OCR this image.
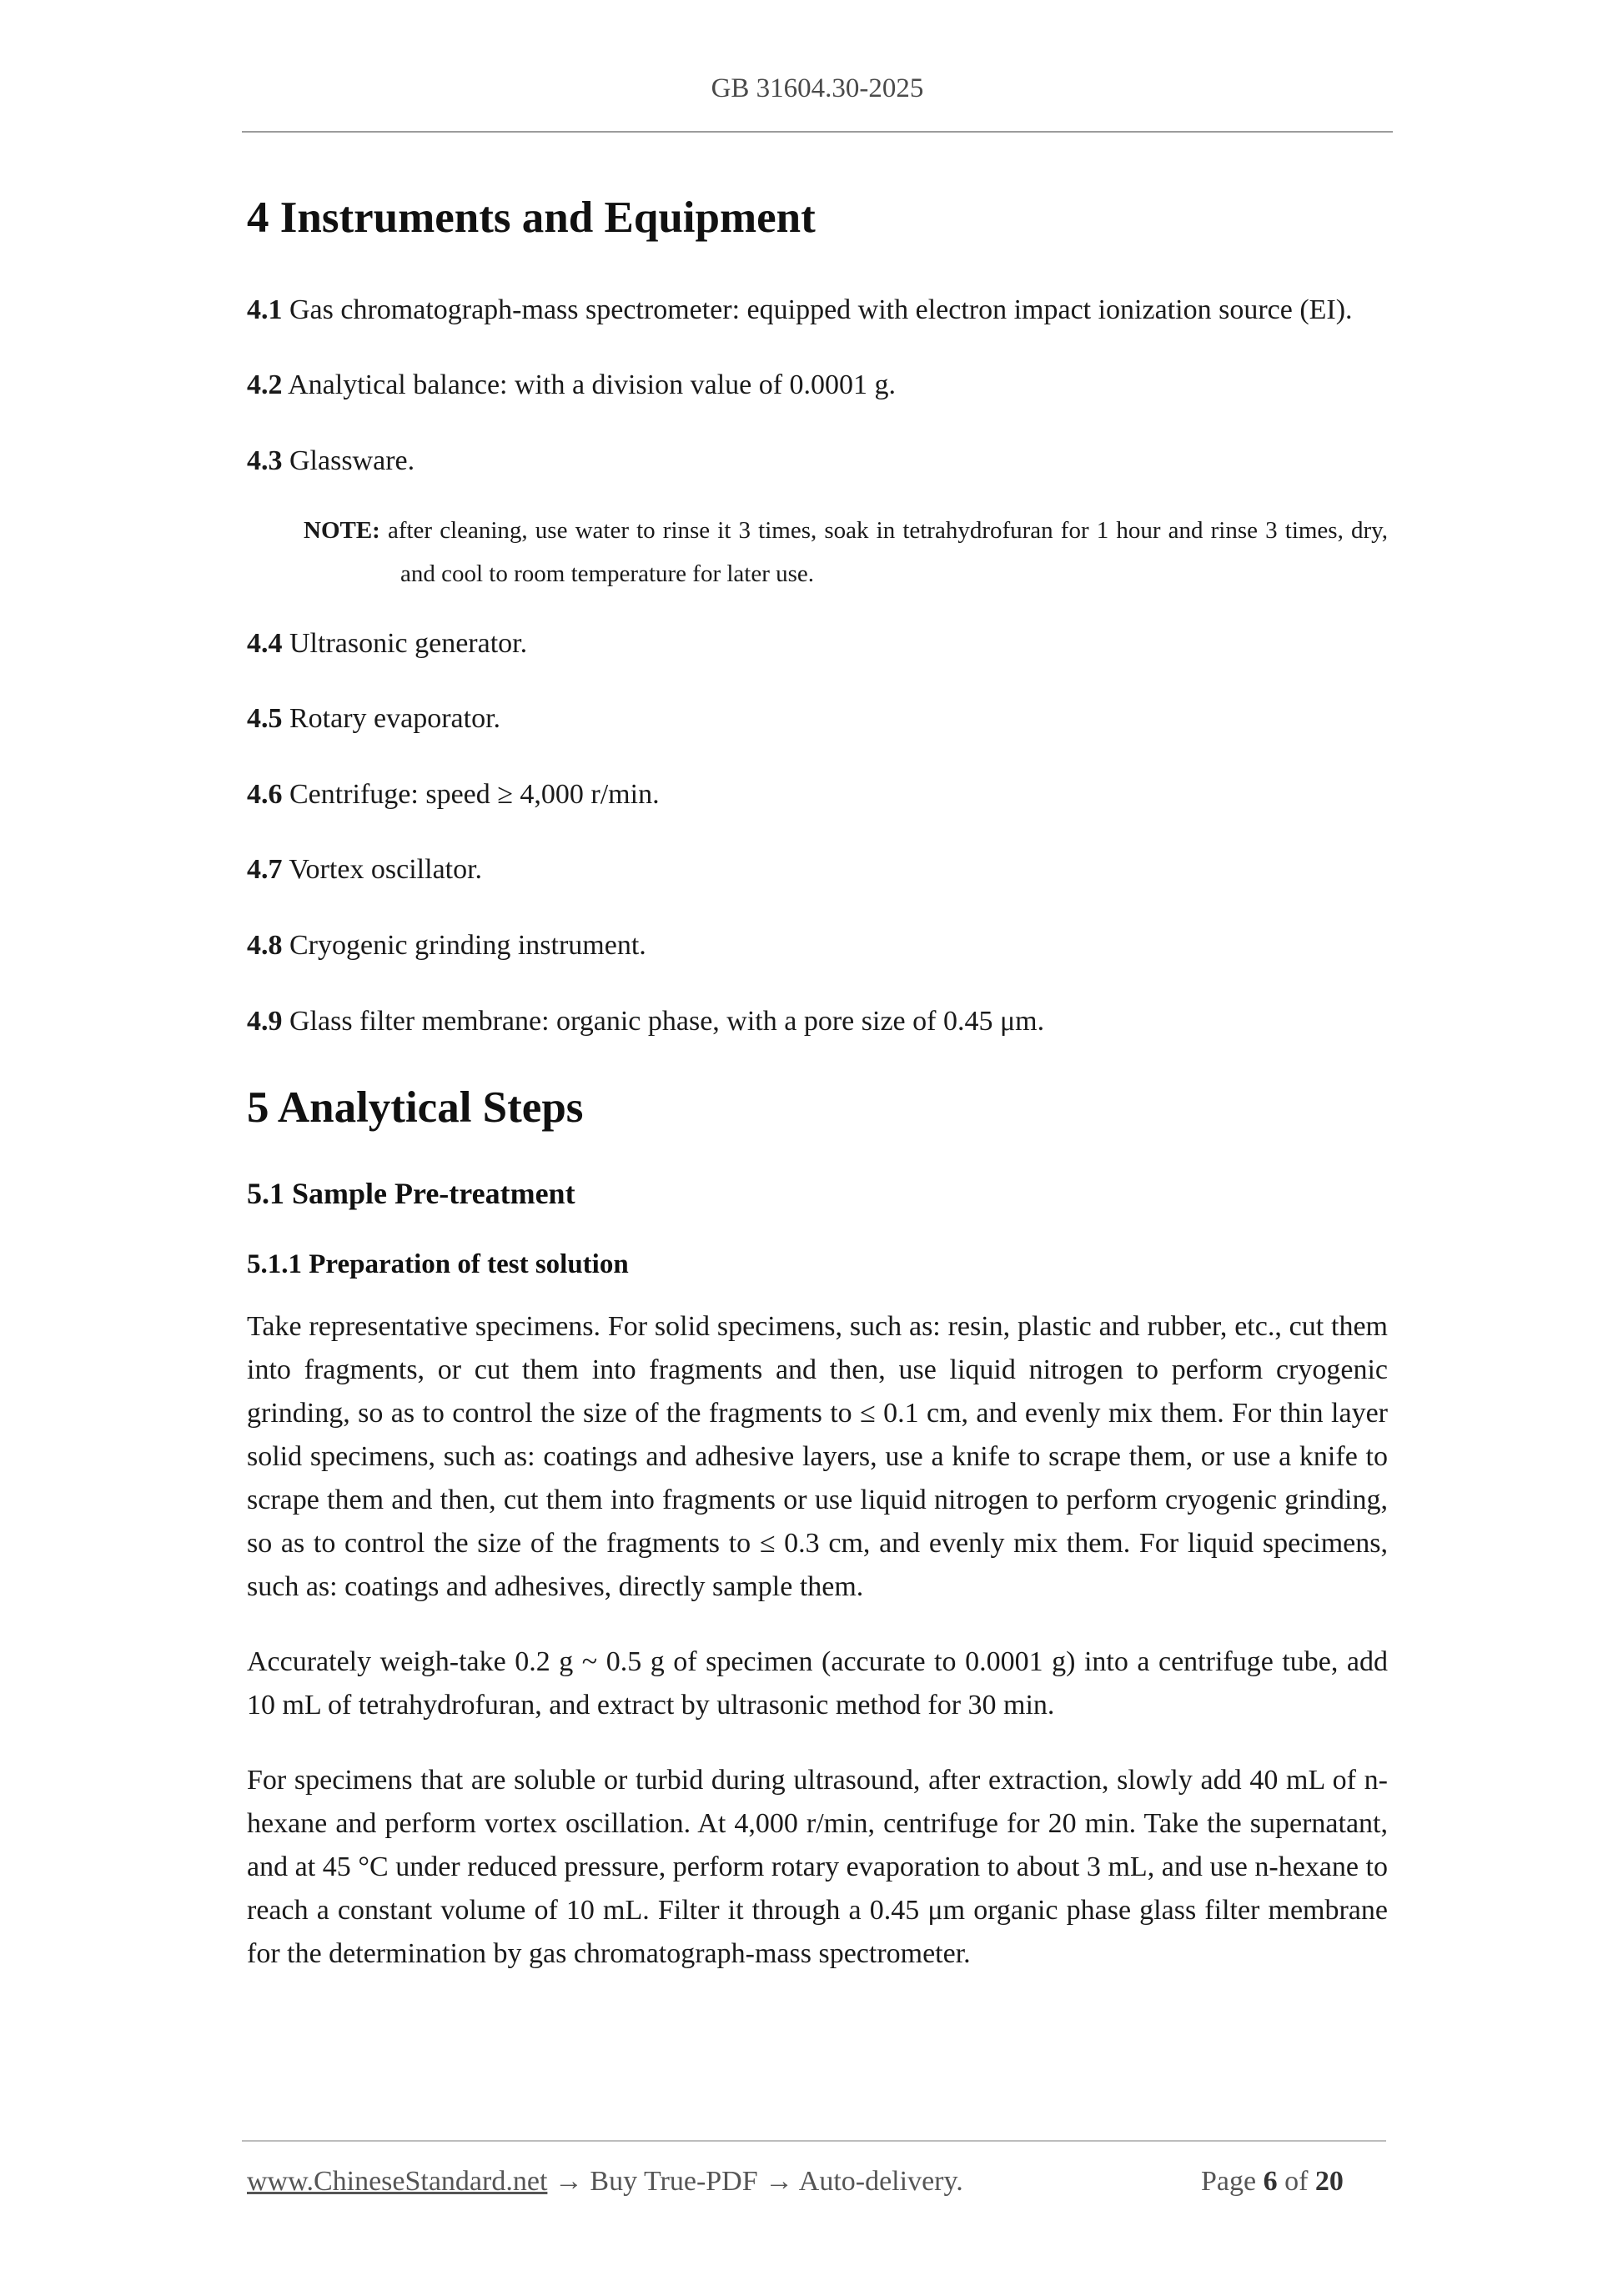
GB 31604.30-2025
4 Instruments and Equipment

4.1 Gas chromatograph-mass spectrometer: equipped with electron impact ionization source (EI).

4.2 Analytical balance: with a division value of 0.0001 g.

4.3 Glassware.

NOTE: after cleaning, use water to rinse it 3 times, soak in tetrahydrofuran for 1 hour and rinse 3 times, dry, and cool to room temperature for later use.

4.4 Ultrasonic generator.

4.5 Rotary evaporator.

4.6 Centrifuge: speed ≥ 4,000 r/min.

4.7 Vortex oscillator.

4.8 Cryogenic grinding instrument.

4.9 Glass filter membrane: organic phase, with a pore size of 0.45 μm.

5 Analytical Steps
5.1 Sample Pre-treatment
5.1.1 Preparation of test solution

Take representative specimens. For solid specimens, such as: resin, plastic and rubber, etc., cut them into fragments, or cut them into fragments and then, use liquid nitrogen to perform cryogenic grinding, so as to control the size of the fragments to ≤ 0.1 cm, and evenly mix them. For thin layer solid specimens, such as: coatings and adhesive layers, use a knife to scrape them, or use a knife to scrape them and then, cut them into fragments or use liquid nitrogen to perform cryogenic grinding, so as to control the size of the fragments to ≤ 0.3 cm, and evenly mix them. For liquid specimens, such as: coatings and adhesives, directly sample them.

Accurately weigh-take 0.2 g ~ 0.5 g of specimen (accurate to 0.0001 g) into a centrifuge tube, add 10 mL of tetrahydrofuran, and extract by ultrasonic method for 30 min.

For specimens that are soluble or turbid during ultrasound, after extraction, slowly add 40 mL of n-hexane and perform vortex oscillation. At 4,000 r/min, centrifuge for 20 min. Take the supernatant, and at 45 °C under reduced pressure, perform rotary evaporation to about 3 mL, and use n-hexane to reach a constant volume of 10 mL. Filter it through a 0.45 μm organic phase glass filter membrane for the determination by gas chromatograph-mass spectrometer.

www.ChineseStandard.net → Buy True-PDF → Auto-delivery.	Page 6 of 20
